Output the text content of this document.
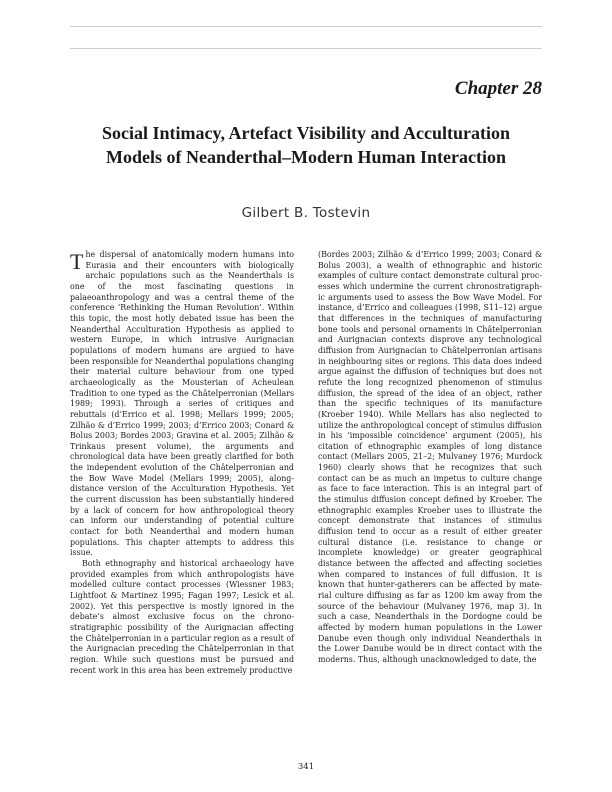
Chapter 28
Social Intimacy, Artefact Visibility and Acculturation
Models of Neanderthal–Modern Human Interaction
Gilbert B. Tostevin

The dispersal of anatomically modern humans into Eurasia and their encounters with biologically archaic populations such as the Neanderthals is one of the most fascinating questions in palaeoanthropology and was a central theme of the conference ‘Rethinking the Human Revolution’. Within this topic, the most hotly debated issue has been the Neanderthal Acculturation Hypothesis as applied to western Europe, in which intrusive Aurignacian populations of modern humans are argued to have been responsible for Neanderthal populations changing their material culture behaviour from one typed archaeologically as the Mousterian of Acheulean Tradition to one typed as the Châtelperronian (Mellars 1989; 1993). Through a series of critiques and rebuttals (d’Errico et al. 1998; Mellars 1999; 2005; Zilhão & d’Errico 1999; 2003; d’Errico 2003; Conard & Bolus 2003; Bordes 2003; Gravina et al. 2005; Zilhão & Trinkaus present volume), the arguments and chronological data have been greatly clarified for both the independent evolution of the Châtelperronian and the Bow Wave Model (Mellars 1999; 2005), along-distance version of the Acculturation Hypothesis. Yet the current discussion has been substantially hindered by a lack of concern for how anthropological theory can inform our understanding of potential culture contact for both Neanderthal and modern human populations. This chapter attempts to address this issue.

Both ethnography and historical archaeology have provided examples from which anthropologists have modelled culture contact processes (Wiessner 1983; Lightfoot & Martinez 1995; Fagan 1997; Lesick et al. 2002). Yet this perspective is mostly ignored in the debate’s almost exclusive focus on the chronostratigraphic possibility of the Aurignacian affecting the Châtelperronian in a particular region as a result of the Aurignacian preceding the Châtelperronian in that region. While such questions must be pursued and recent work in this area has been extremely productive

(Bordes 2003; Zilhão & d’Errico 1999; 2003; Conard & Bolus 2003), a wealth of ethnographic and historic examples of culture contact demonstrate cultural processes which undermine the current chronostratigraphic arguments used to assess the Bow Wave Model. For instance, d’Errico and colleagues (1998, S11–12) argue that differences in the techniques of manufacturing bone tools and personal ornaments in Châtelperronian and Aurignacian contexts disprove any technological diffusion from Aurignacian to Châtelperronian artisans in neighbouring sites or regions. This data does indeed argue against the diffusion of techniques but does not refute the long recognized phenomenon of stimulus diffusion, the spread of the idea of an object, rather than the specific techniques of its manufacture (Kroeber 1940). While Mellars has also neglected to utilize the anthropological concept of stimulus diffusion in his ‘impossible coincidence’ argument (2005), his citation of ethnographic examples of long distance contact (Mellars 2005, 21–2; Mulvaney 1976; Murdock 1960) clearly shows that he recognizes that such contact can be as much an impetus to culture change as face to face interaction. This is an integral part of the stimulus diffusion concept defined by Kroeber. The ethnographic examples Kroeber uses to illustrate the concept demonstrate that instances of stimulus diffusion tend to occur as a result of either greater cultural distance (i.e. resistance to change or incomplete knowledge) or greater geographical distance between the affected and affecting societies when compared to instances of full diffusion. It is known that hunter-gatherers can be affected by material culture diffusing as far as 1200 km away from the source of the behaviour (Mulvaney 1976, map 3). In such a case, Neanderthals in the Dordogne could be affected by modern human populations in the Lower Danube even though only individual Neanderthals in the Lower Danube would be in direct contact with the moderns. Thus, although unacknowledged to date, the

341
